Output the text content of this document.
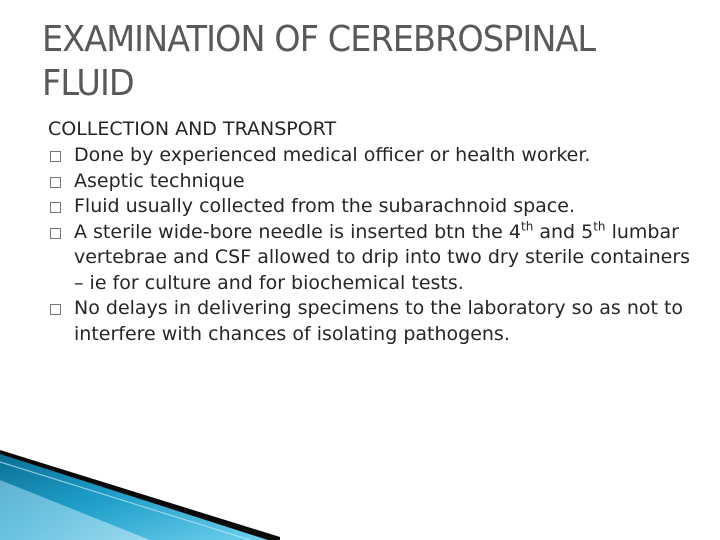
EXAMINATION OF CEREBROSPINAL
FLUID

COLLECTION AND TRANSPORT

Done by experienced medical officer or health worker.
Aseptic technique
Fluid usually collected from the subarachnoid space.
A sterile wide-bore needle is inserted btn the 4th and 5th lumbar vertebrae and CSF allowed to drip into two dry sterile containers – ie for culture and for biochemical tests.
No delays in delivering specimens to the laboratory so as not to interfere with chances of isolating pathogens.
